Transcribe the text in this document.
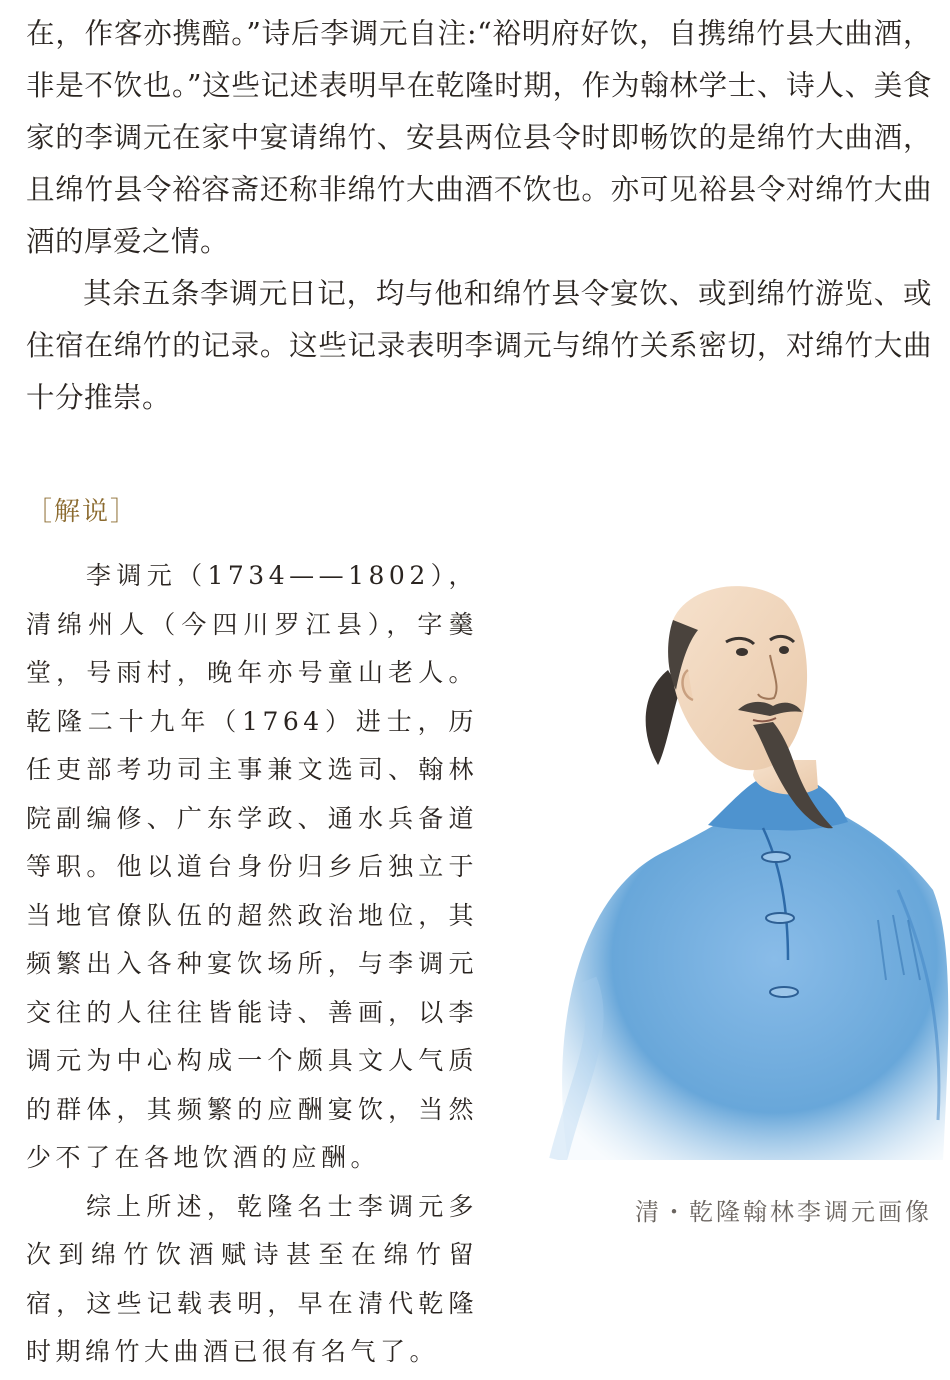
在，作客亦携醅。”诗后李调元自注:“裕明府好饮，自携绵竹县大曲酒，非是不饮也。”这些记述表明早在乾隆时期，作为翰林学士、诗人、美食家的李调元在家中宴请绵竹、安县两位县令时即畅饮的是绵竹大曲酒，且绵竹县令裕容斋还称非绵竹大曲酒不饮也。亦可见裕县令对绵竹大曲酒的厚爱之情。

其余五条李调元日记，均与他和绵竹县令宴饮、或到绵竹游览、或住宿在绵竹的记录。这些记录表明李调元与绵竹关系密切，对绵竹大曲十分推崇。

［解说］

李调元（1734——1802），清绵州人（今四川罗江县），字羹堂，号雨村，晚年亦号童山老人。乾隆二十九年（1764）进士，历任吏部考功司主事兼文选司、翰林院副编修、广东学政、通水兵备道等职。他以道台身份归乡后独立于当地官僚队伍的超然政治地位，其频繁出入各种宴饮场所，与李调元交往的人往往皆能诗、善画，以李调元为中心构成一个颇具文人气质的群体，其频繁的应酬宴饮，当然少不了在各地饮酒的应酬。

综上所述，乾隆名士李调元多次到绵竹饮酒赋诗甚至在绵竹留宿，这些记载表明，早在清代乾隆时期绵竹大曲酒已很有名气了。

清・乾隆翰林李调元画像
